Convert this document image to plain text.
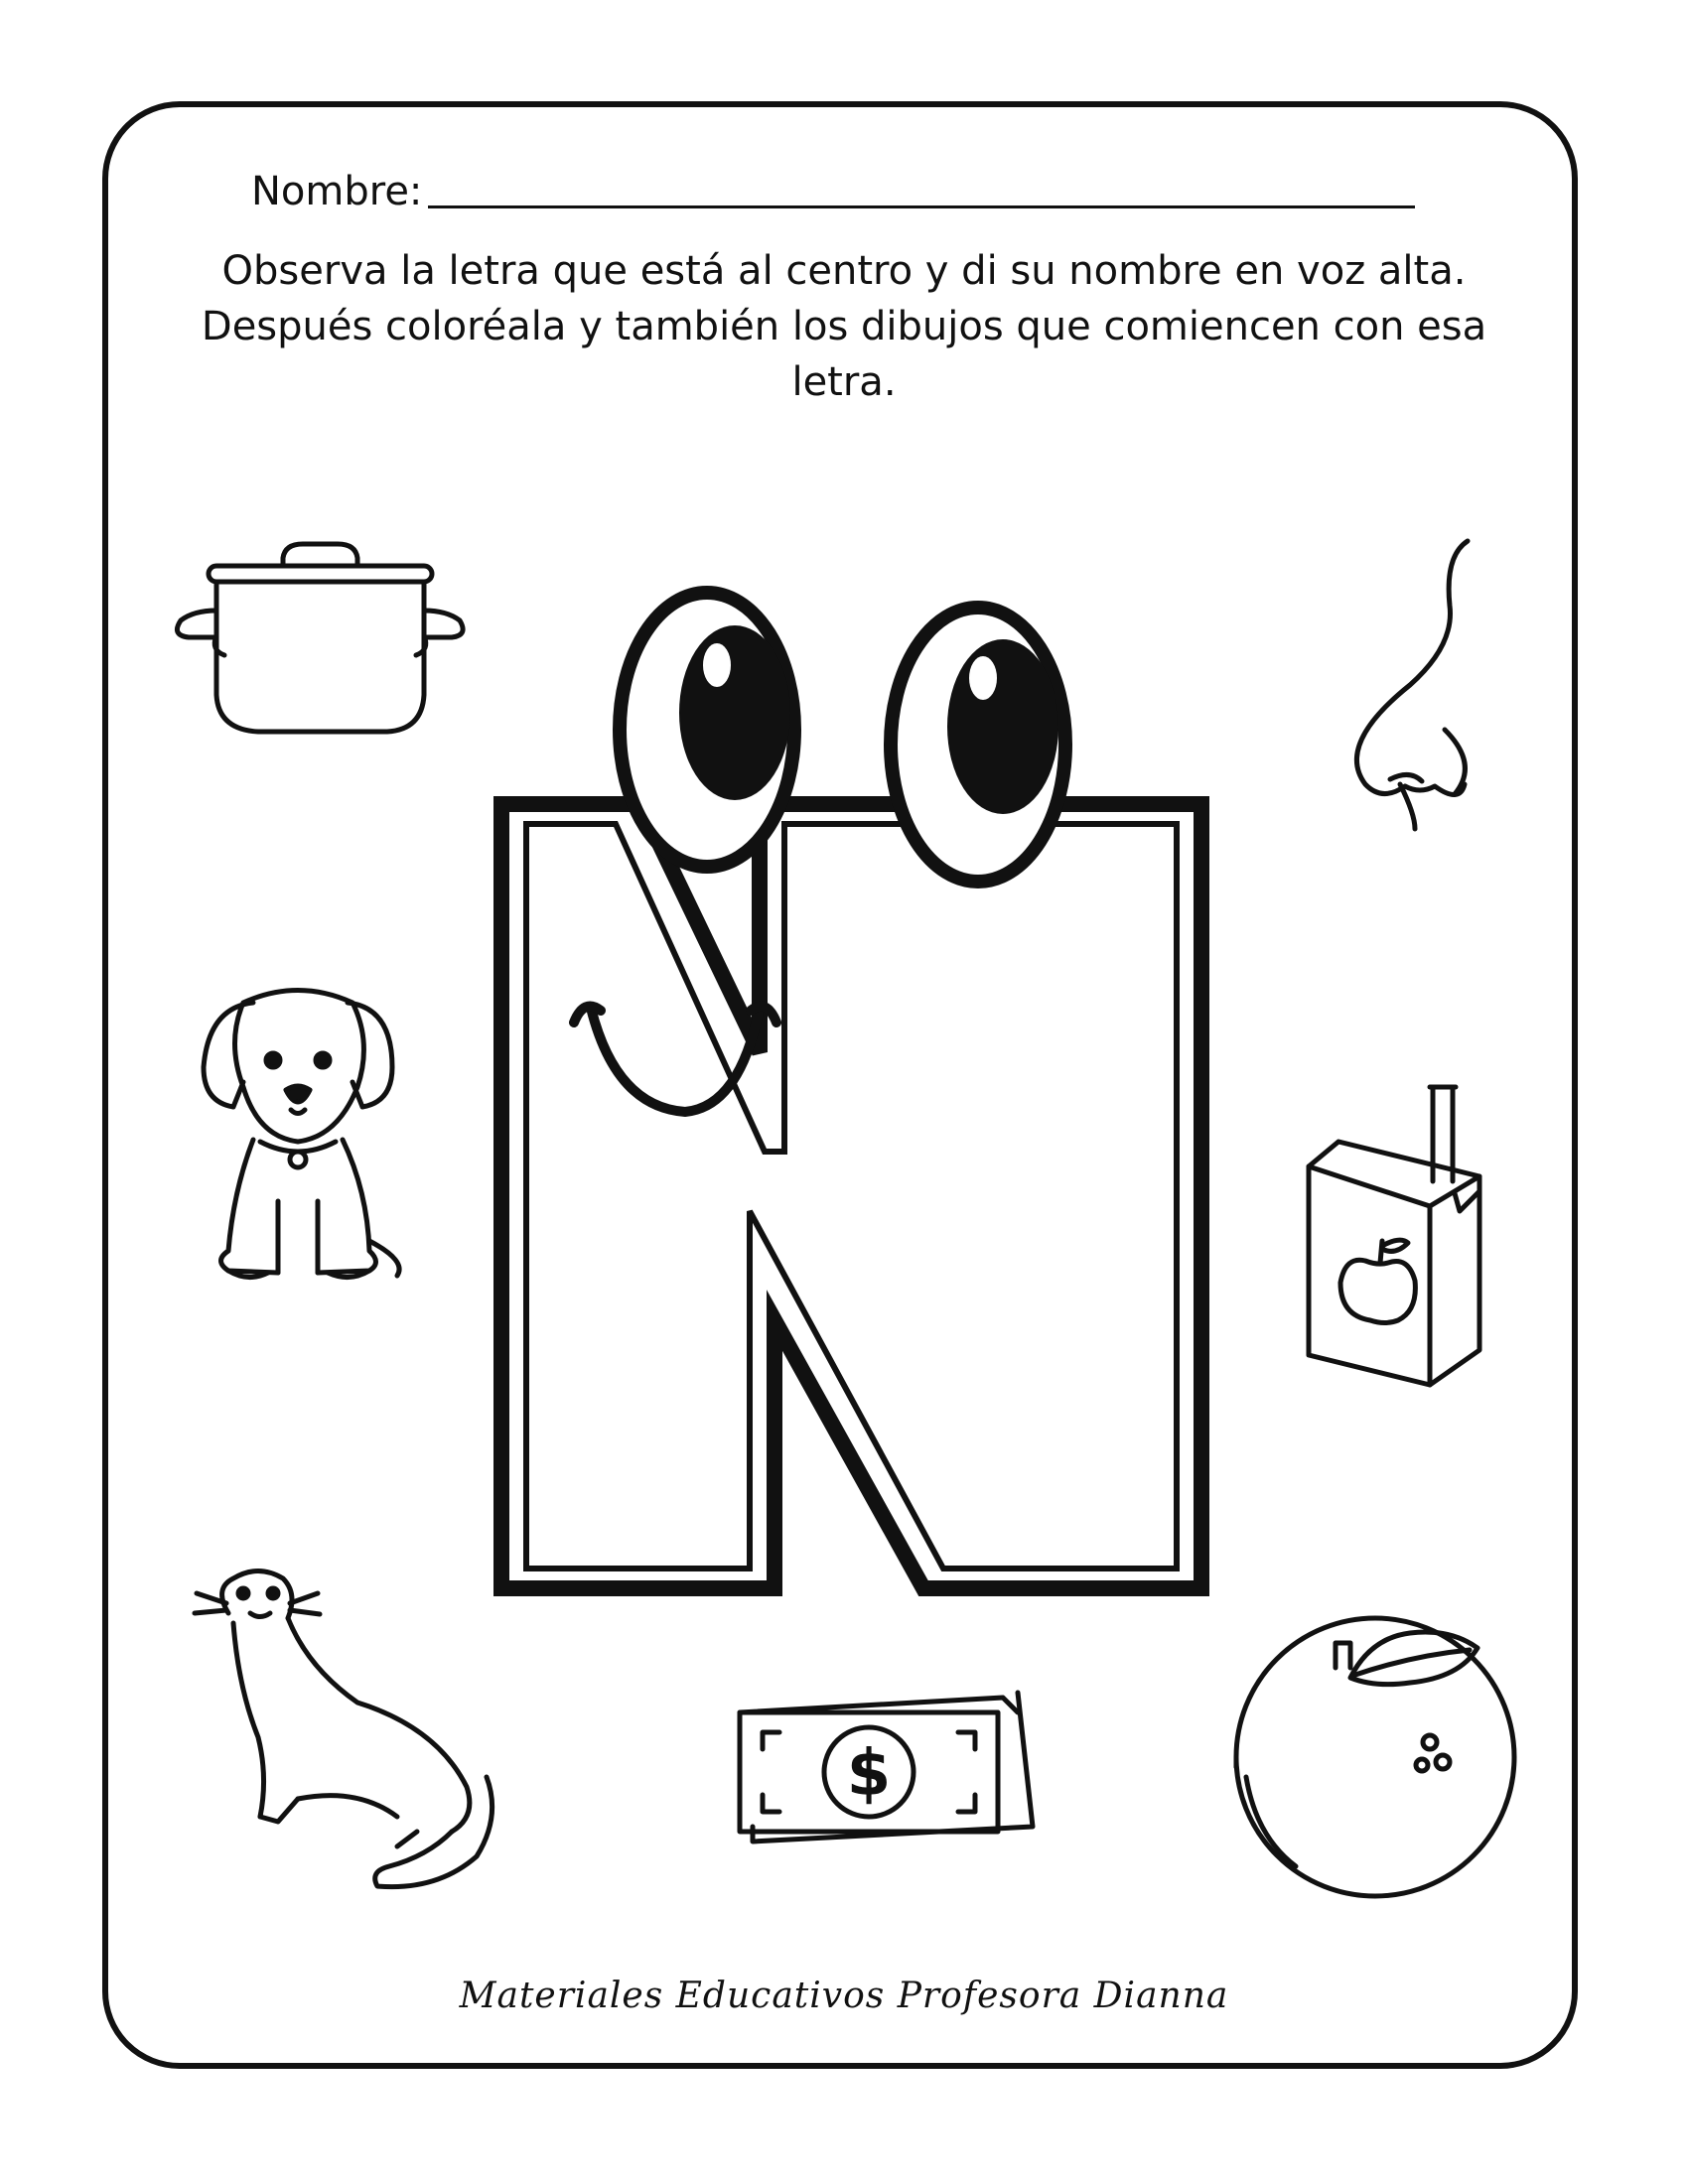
Nombre:
Observa la letra que está al centro y di su nombre en voz alta. Después coloréala y también los dibujos que comiencen con esa letra.
$
Materiales Educativos Profesora Dianna
